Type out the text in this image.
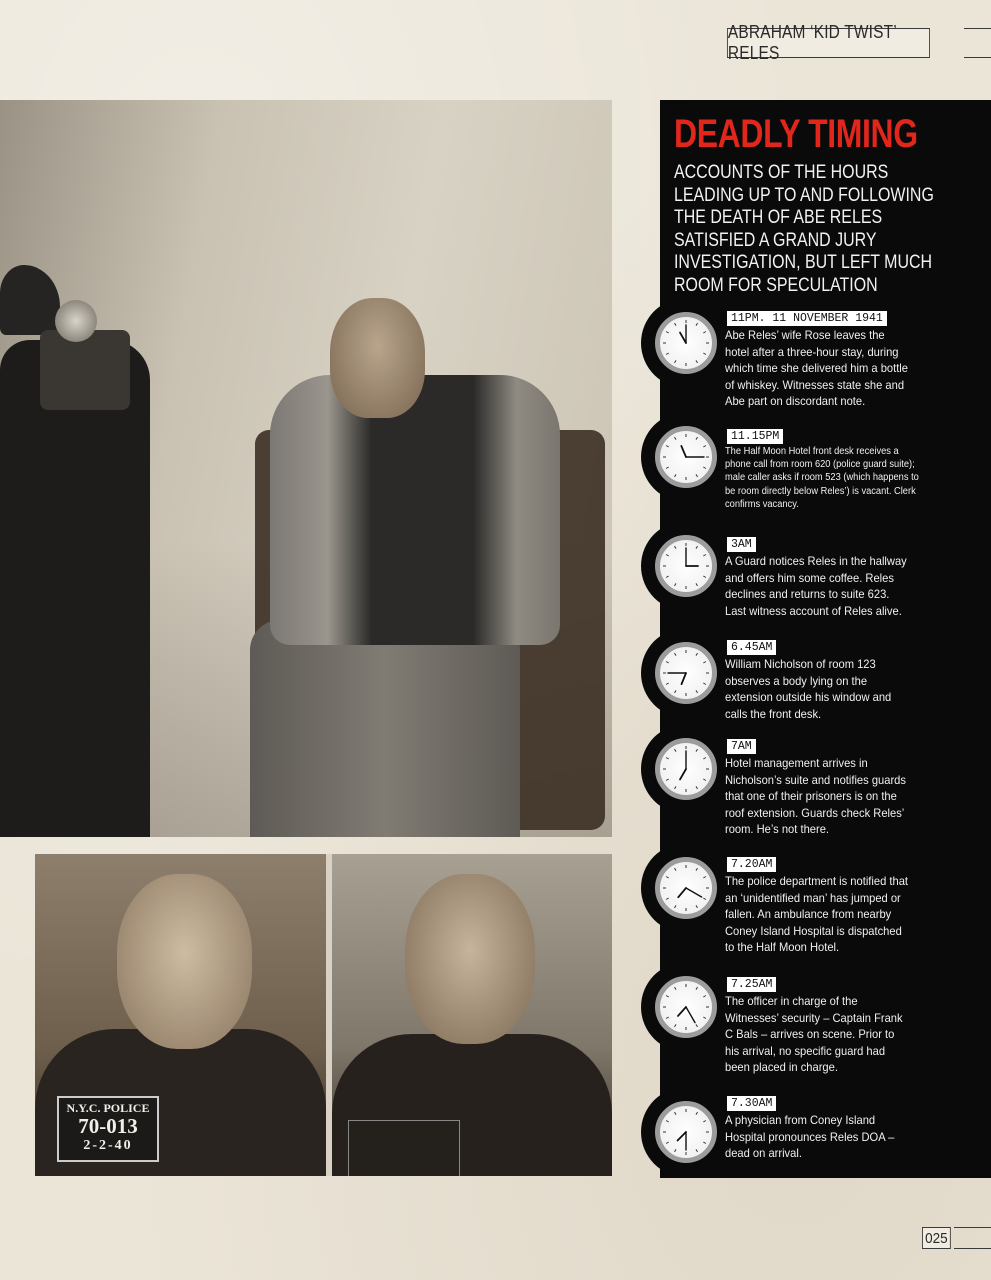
ABRAHAM ‘KID TWIST’ RELES
N.Y.C. POLICE
70-013
2-2-40
DEADLY TIMING
ACCOUNTS OF THE HOURS
LEADING UP TO AND FOLLOWING
THE DEATH OF ABE RELES
SATISFIED A GRAND JURY
INVESTIGATION, BUT LEFT MUCH
ROOM FOR SPECULATION
11PM. 11 NOVEMBER 1941
Abe Reles’ wife Rose leaves the hotel after a three-hour stay, during which time she delivered him a bottle of whiskey. Witnesses state she and Abe part on discordant note.
11.15PM
The Half Moon Hotel front desk receives a phone call from room 620 (police guard suite); male caller asks if room 523 (which happens to be room directly below Reles’) is vacant. Clerk confirms vacancy.
3AM
A Guard notices Reles in the hallway and offers him some coffee. Reles declines and returns to suite 623. Last witness account of Reles alive.
6.45AM
William Nicholson of room 123 observes a body lying on the extension outside his window and calls the front desk.
7AM
Hotel management arrives in Nicholson’s suite and notifies guards that one of their prisoners is on the roof extension. Guards check Reles’ room. He’s not there.
7.20AM
The police department is notified that an ‘unidentified man’ has jumped or fallen. An ambulance from nearby Coney Island Hospital is dispatched to the Half Moon Hotel.
7.25AM
The officer in charge of the Witnesses’ security – Captain Frank C Bals – arrives on scene. Prior to his arrival, no specific guard had been placed in charge.
7.30AM
A physician from Coney Island Hospital pronounces Reles DOA – dead on arrival.
025
